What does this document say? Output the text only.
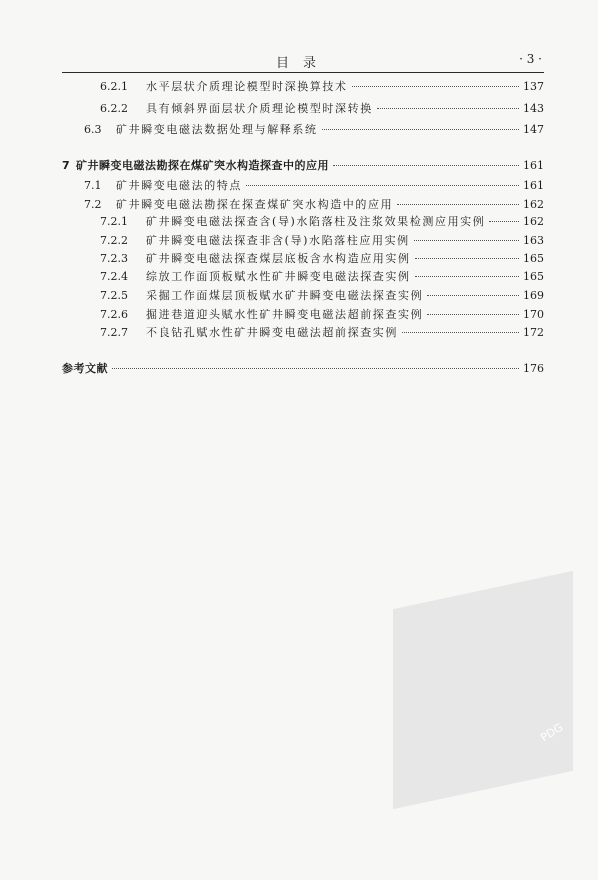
目录	· 3 ·
6.2.1	水平层状介质理论模型时深换算技术	137
6.2.2	具有倾斜界面层状介质理论模型时深转换	143
6.3	矿井瞬变电磁法数据处理与解释系统	147
7 矿井瞬变电磁法勘探在煤矿突水构造探查中的应用	161
7.1	矿井瞬变电磁法的特点	161
7.2	矿井瞬变电磁法勘探在探查煤矿突水构造中的应用	162
7.2.1	矿井瞬变电磁法探查含(导)水陷落柱及注浆效果检测应用实例	162
7.2.2	矿井瞬变电磁法探查非含(导)水陷落柱应用实例	163
7.2.3	矿井瞬变电磁法探查煤层底板含水构造应用实例	165
7.2.4	综放工作面顶板赋水性矿井瞬变电磁法探查实例	165
7.2.5	采掘工作面煤层顶板赋水矿井瞬变电磁法探查实例	169
7.2.6	掘进巷道迎头赋水性矿井瞬变电磁法超前探查实例	170
7.2.7	不良钻孔赋水性矿井瞬变电磁法超前探查实例	172
参考文献	176
PDG
